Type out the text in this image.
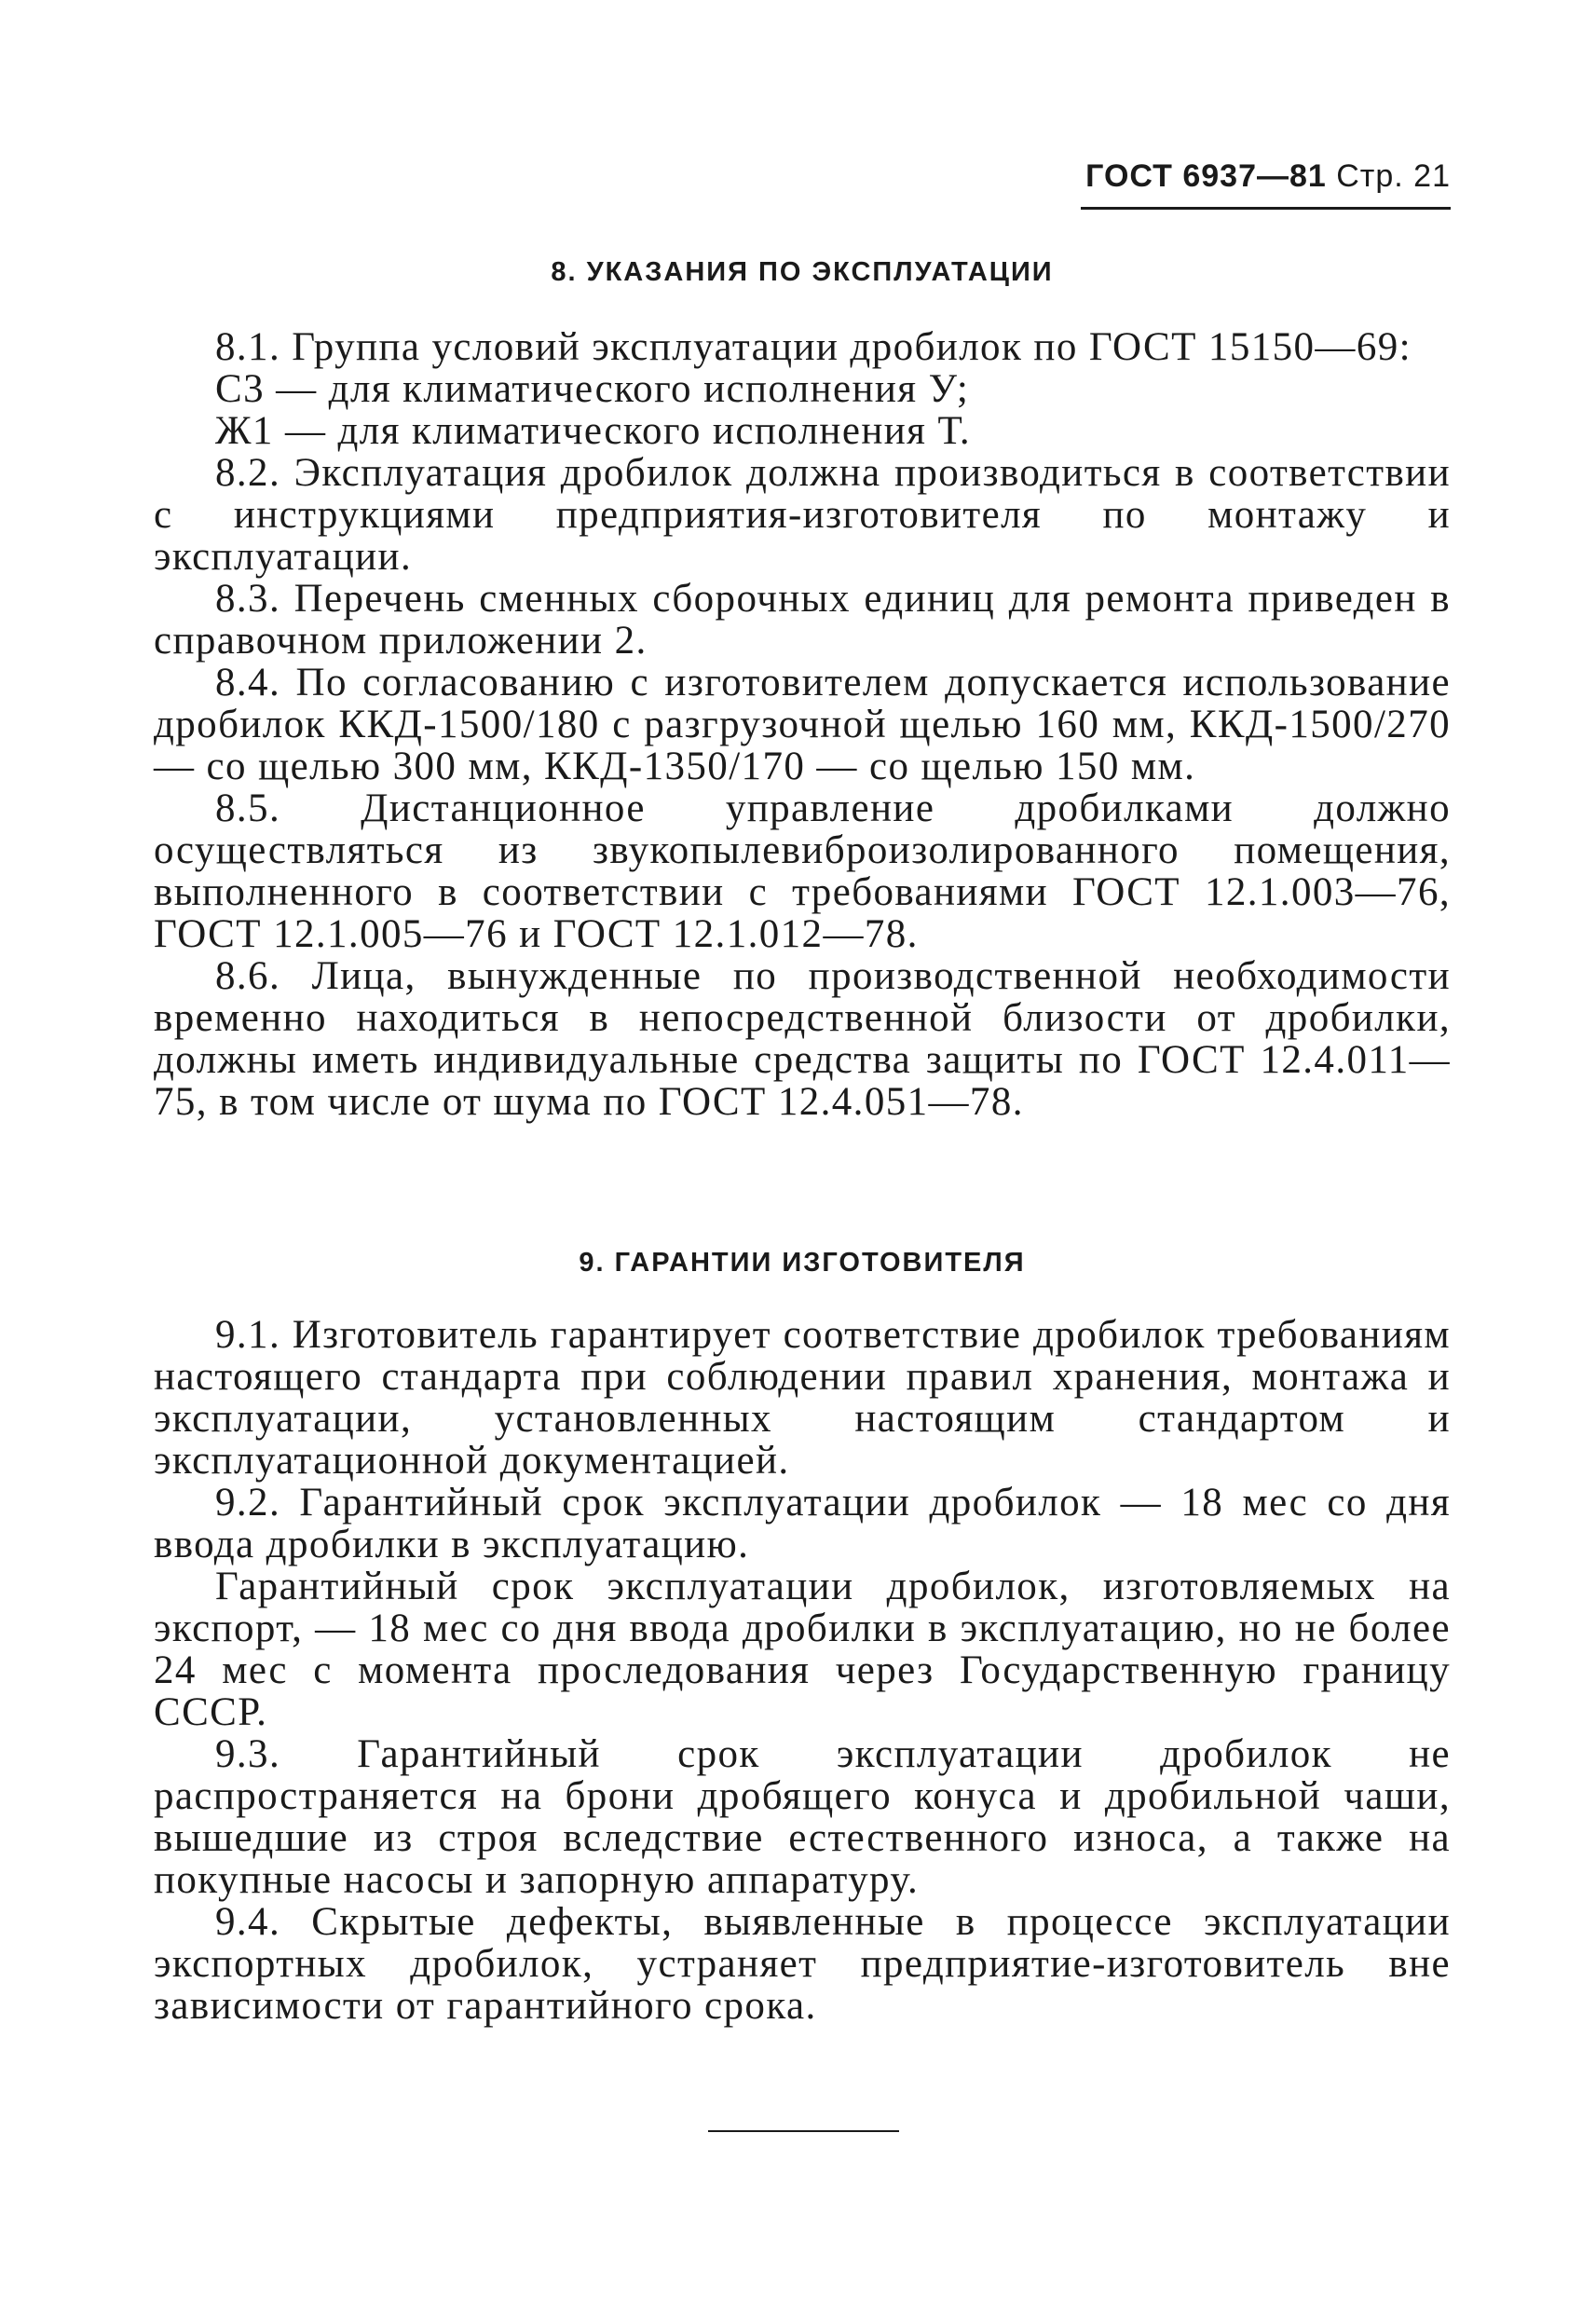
ГОСТ 6937—81 Стр. 21
8. УКАЗАНИЯ ПО ЭКСПЛУАТАЦИИ

8.1. Группа условий эксплуатации дробилок по ГОСТ 15150—69:

С3 — для климатического исполнения У;

Ж1 — для климатического исполнения Т.

8.2. Эксплуатация дробилок должна производиться в соответствии с инструкциями предприятия-изготовителя по монтажу и эксплуатации.

8.3. Перечень сменных сборочных единиц для ремонта приведен в справочном приложении 2.

8.4. По согласованию с изготовителем допускается использование дробилок ККД-1500/180 с разгрузочной щелью 160 мм, ККД-1500/270 — со щелью 300 мм, ККД-1350/170 — со щелью 150 мм.

8.5. Дистанционное управление дробилками должно осуществляться из звукопылевиброизолированного помещения, выполненного в соответствии с требованиями ГОСТ 12.1.003—76, ГОСТ 12.1.005—76 и ГОСТ 12.1.012—78.

8.6. Лица, вынужденные по производственной необходимости временно находиться в непосредственной близости от дробилки, должны иметь индивидуальные средства защиты по ГОСТ 12.4.011—75, в том числе от шума по ГОСТ 12.4.051—78.

9. ГАРАНТИИ ИЗГОТОВИТЕЛЯ

9.1. Изготовитель гарантирует соответствие дробилок требованиям настоящего стандарта при соблюдении правил хранения, монтажа и эксплуатации, установленных настоящим стандартом и эксплуатационной документацией.

9.2. Гарантийный срок эксплуатации дробилок — 18 мес со дня ввода дробилки в эксплуатацию.

Гарантийный срок эксплуатации дробилок, изготовляемых на экспорт, — 18 мес со дня ввода дробилки в эксплуатацию, но не более 24 мес с момента проследования через Государственную границу СССР.

9.3. Гарантийный срок эксплуатации дробилок не распространяется на брони дробящего конуса и дробильной чаши, вышедшие из строя вследствие естественного износа, а также на покупные насосы и запорную аппаратуру.

9.4. Скрытые дефекты, выявленные в процессе эксплуатации экспортных дробилок, устраняет предприятие-изготовитель вне зависимости от гарантийного срока.
